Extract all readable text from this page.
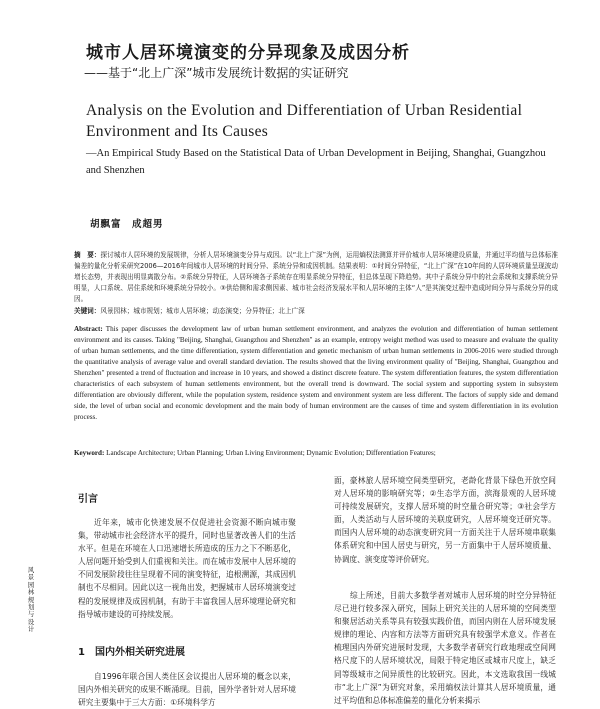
城市人居环境演变的分异现象及成因分析
——基于“北上广深”城市发展统计数据的实证研究
Analysis on the Evolution and Differentiation of Urban Residential Environment and Its Causes
—An Empirical Study Based on the Statistical Data of Urban Development in Beijing, Shanghai, Guangzhou and Shenzhen
胡飘富　成超男
摘　要：探讨城市人居环境的发展规律，分析人居环境演变分异与成因。以“北上广深”为例，运用熵权法测算并评价城市人居环境建设质量，并通过平均值与总体标准偏差的量化分析采研究2006—2016年间城市人居环境的时间分异、系统分异和成因机制。结果表明：①时间分异特征，“北上广深”在10年间的人居环境质量呈现波动增长态势，并表现出明显离散分布。②系统分异特征，人居环境各子系统存在明显系统分异特征，但总体呈现下降趋势。其中子系统分异中的社会系统和支撑系统分异明显，人口系统、居住系统和环境系统分异较小。③供给侧和需求侧因素、城市社会经济发展水平和人居环境的主体“人”是其演变过程中造成时间分异与系统分异的成因。
关键词：风景园林；城市规划；城市人居环境；动态演变；分异特征；北上广深
Abstract: This paper discusses the development law of urban human settlement environment, and analyzes the evolution and differentiation of human settlement environment and its causes. Taking "Beijing, Shanghai, Guangzhou and Shenzhen" as an example, entropy weight method was used to measure and evaluate the quality of urban human settlements, and the time differentiation, system differentiation and genetic mechanism of urban human settlements in 2006-2016 were studied through the quantitative analysis of average value and overall standard deviation. The results showed that the living environment quality of "Beijing, Shanghai, Guangzhou and Shenzhen" presented a trend of fluctuation and increase in 10 years, and showed a distinct discrete feature. The system differentiation features, the system differentiation characteristics of each subsystem of human settlements environment, but the overall trend is downward. The social system and supporting system in subsystem differentiation are obviously different, while the population system, residence system and environment system are less different. The factors of supply side and demand side, the level of urban social and economic development and the main body of human environment are the causes of time and system differentiation in its evolution process.
Keyword: Landscape Architecture; Urban Planning; Urban Living Environment; Dynamic Evolution; Differentiation Features;
引言
近年来，城市化快速发展不仅促进社会资源不断向城市聚集，带动城市社会经济水平的提升，同时也显著改善人们的生活水平。但是在环境在人口迅速增长所造成的压力之下不断恶化，人居问题开始受到人们重视和关注。而在城市发展中人居环境的不同发展阶段往往呈现着不同的演变特征，追根溯源，其成因机制也不尽相同。因此以这一视角出发，把握城市人居环境演变过程的发展规律及成因机制，有助于丰富我国人居环境理论研究和指导城市建设的可持续发展。
1　国内外相关研究进展
自1996年联合国人类住区会议提出人居环境的概念以来，国内外相关研究的成果不断涌现。目前，国外学者针对人居环境研究主要集中于三大方面：①环境科学方
面，豪林旅人居环境空间类型研究，老龄化背景下绿色开放空间对人居环境的影响研究等；②生态学方面，滨海景观的人居环境可持续发展研究，支撑人居环境的时空量合研究等；③社会学方面，人类活动与人居环境的关联度研究，人居环境变迁研究等。而国内人居环境的动态演变研究同一方面关注于人居环境串联集体系研究和中国人居史与研究，另一方面集中于人居环境质量、协调度、演变度等评价研究。
综上所述，目前大多数学者对城市人居环境的时空分异特征尽已进行较多深入研究，国际上研究关注的人居环境的空间类型和聚居活动关系等具有较强实践价值，而国内则在人居环境发展规律的理论、内容和方法等方面研究具有较强学术意义。作者在梳理国内外研究进展时发现，大多数学者研究行政地理或空间网格尺度下的人居环境状况，局限于特定地区或城市尺度上，缺乏同等级城市之间异质性的比较研究。因此，本文选取我国一线城市“北上广深”为研究对象，采用熵权法计算其人居环境质量，通过平均值和总体标准偏差的量化分析来揭示
风景园林规划与设计
